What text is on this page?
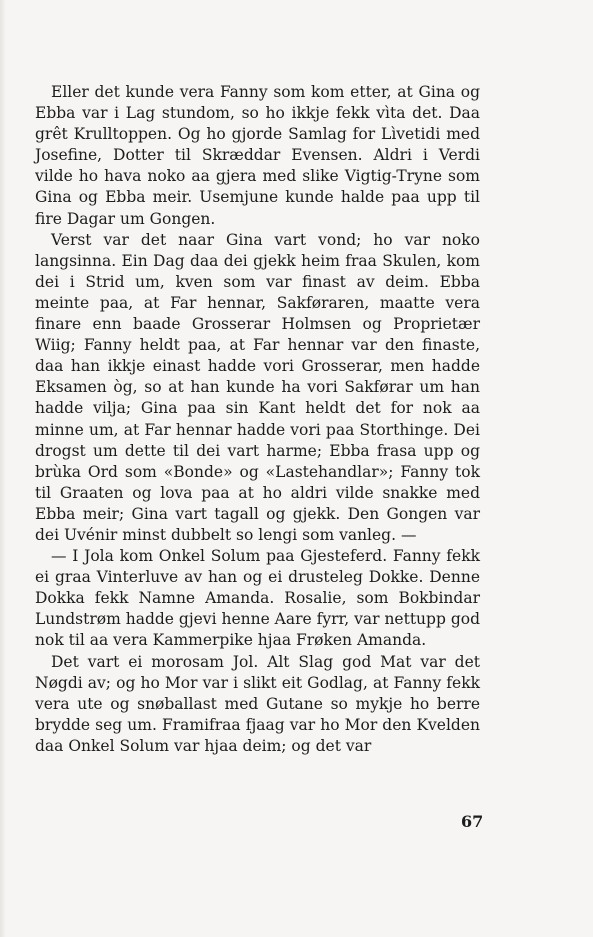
Eller det kunde vera Fanny som kom etter, at Gina og Ebba var i Lag stundom, so ho ikkje fekk vìta det. Daa grêt Krulltoppen. Og ho gjorde Samlag for Lìvetidi med Josefine, Dotter til Skræddar Evensen. Aldri i Verdi vilde ho hava noko aa gjera med slike Vigtig-Tryne som Gina og Ebba meir. Usemjune kunde halde paa upp til fire Dagar um Gongen.

Verst var det naar Gina vart vond; ho var noko langsinna. Ein Dag daa dei gjekk heim fraa Skulen, kom dei i Strid um, kven som var finast av deim. Ebba meinte paa, at Far hennar, Sakføraren, maatte vera finare enn baade Grosserar Holmsen og Proprietær Wiig; Fanny heldt paa, at Far hennar var den finaste, daa han ikkje einast hadde vori Grosserar, men hadde Eksamen òg, so at han kunde ha vori Sakførar um han hadde vilja; Gina paa sin Kant heldt det for nok aa minne um, at Far hennar hadde vori paa Storthinge. Dei drogst um dette til dei vart harme; Ebba frasa upp og brùka Ord som «Bonde» og «Lastehandlar»; Fanny tok til Graaten og lova paa at ho aldri vilde snakke med Ebba meir; Gina vart tagall og gjekk. Den Gongen var dei Uvénir minst dubbelt so lengi som vanleg. —

— I Jola kom Onkel Solum paa Gjesteferd. Fanny fekk ei graa Vinterluve av han og ei drusteleg Dokke. Denne Dokka fekk Namne Amanda. Rosalie, som Bokbindar Lundstrøm hadde gjevi henne Aare fyrr, var nettupp god nok til aa vera Kammerpike hjaa Frøken Amanda.

Det vart ei morosam Jol. Alt Slag god Mat var det Nøgdi av; og ho Mor var i slikt eit Godlag, at Fanny fekk vera ute og snøballast med Gutane so mykje ho berre brydde seg um. Framifraa fjaag var ho Mor den Kvelden daa Onkel Solum var hjaa deim; og det var

67
